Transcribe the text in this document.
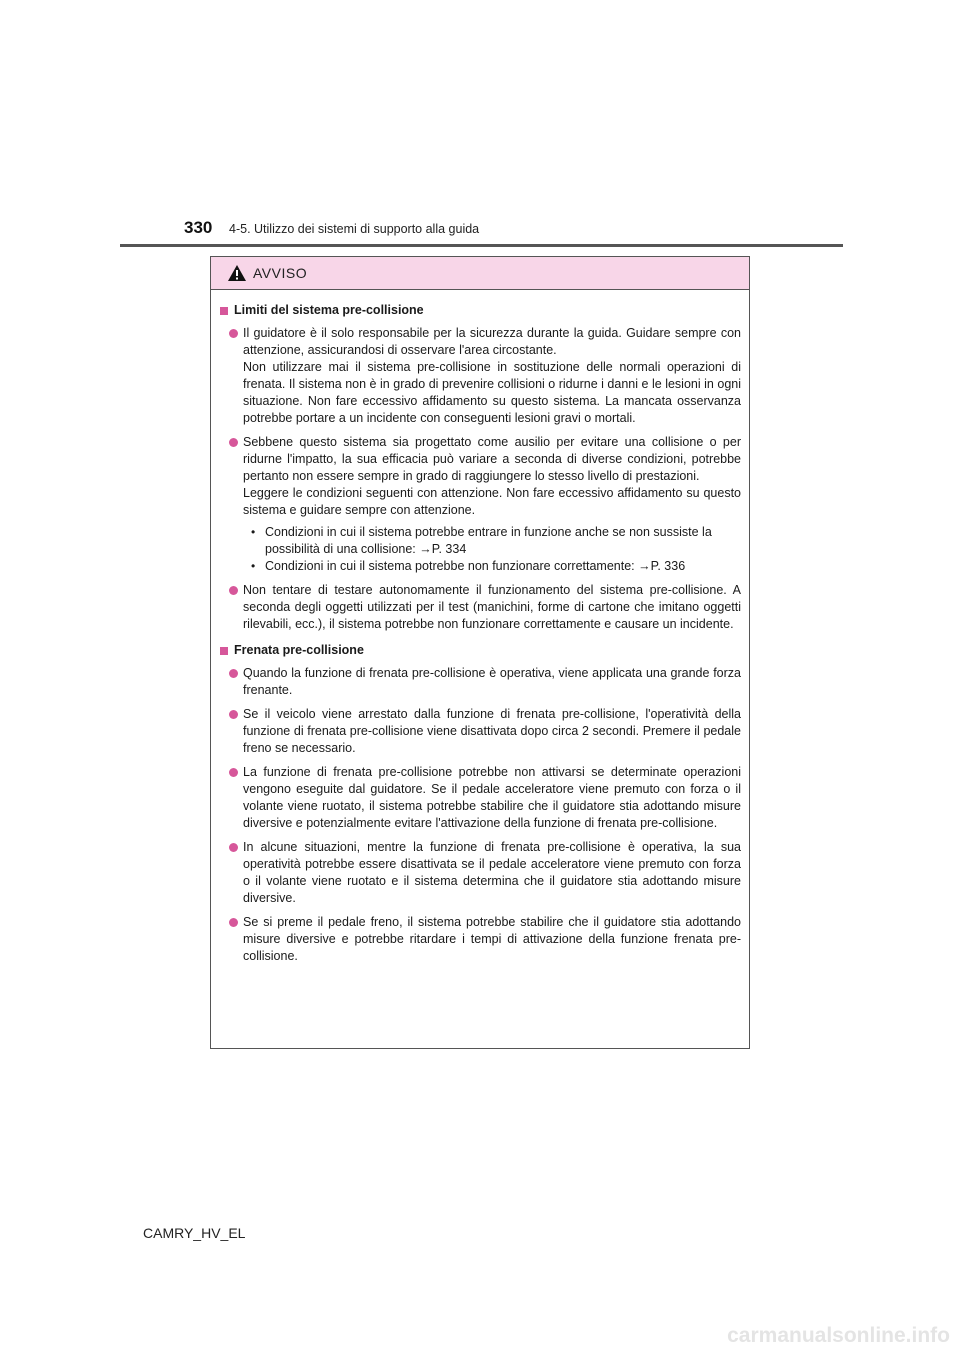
330 4-5. Utilizzo dei sistemi di supporto alla guida
AVVISO
Limiti del sistema pre-collisione

Il guidatore è il solo responsabile per la sicurezza durante la guida. Guidare sempre con attenzione, assicurandosi di osservare l'area circostante.

Non utilizzare mai il sistema pre-collisione in sostituzione delle normali operazioni di frenata. Il sistema non è in grado di prevenire collisioni o ridurne i danni e le lesioni in ogni situazione. Non fare eccessivo affidamento su questo sistema. La mancata osservanza potrebbe portare a un incidente con conseguenti lesioni gravi o mortali.

Sebbene questo sistema sia progettato come ausilio per evitare una collisione o per ridurne l'impatto, la sua efficacia può variare a seconda di diverse condizioni, potrebbe pertanto non essere sempre in grado di raggiungere lo stesso livello di prestazioni.

Leggere le condizioni seguenti con attenzione. Non fare eccessivo affidamento su questo sistema e guidare sempre con attenzione.

• Condizioni in cui il sistema potrebbe entrare in funzione anche se non sussiste la possibilità di una collisione: →P. 334
• Condizioni in cui il sistema potrebbe non funzionare correttamente: →P. 336

Non tentare di testare autonomamente il funzionamento del sistema pre-collisione. A seconda degli oggetti utilizzati per il test (manichini, forme di cartone che imitano oggetti rilevabili, ecc.), il sistema potrebbe non funzionare correttamente e causare un incidente.

Frenata pre-collisione

Quando la funzione di frenata pre-collisione è operativa, viene applicata una grande forza frenante.

Se il veicolo viene arrestato dalla funzione di frenata pre-collisione, l'operatività della funzione di frenata pre-collisione viene disattivata dopo circa 2 secondi. Premere il pedale freno se necessario.

La funzione di frenata pre-collisione potrebbe non attivarsi se determinate operazioni vengono eseguite dal guidatore. Se il pedale acceleratore viene premuto con forza o il volante viene ruotato, il sistema potrebbe stabilire che il guidatore stia adottando misure diversive e potenzialmente evitare l'attivazione della funzione di frenata pre-collisione.

In alcune situazioni, mentre la funzione di frenata pre-collisione è operativa, la sua operatività potrebbe essere disattivata se il pedale acceleratore viene premuto con forza o il volante viene ruotato e il sistema determina che il guidatore stia adottando misure diversive.

Se si preme il pedale freno, il sistema potrebbe stabilire che il guidatore stia adottando misure diversive e potrebbe ritardare i tempi di attivazione della funzione frenata pre-collisione.

CAMRY_HV_EL
carmanualsonline.info
